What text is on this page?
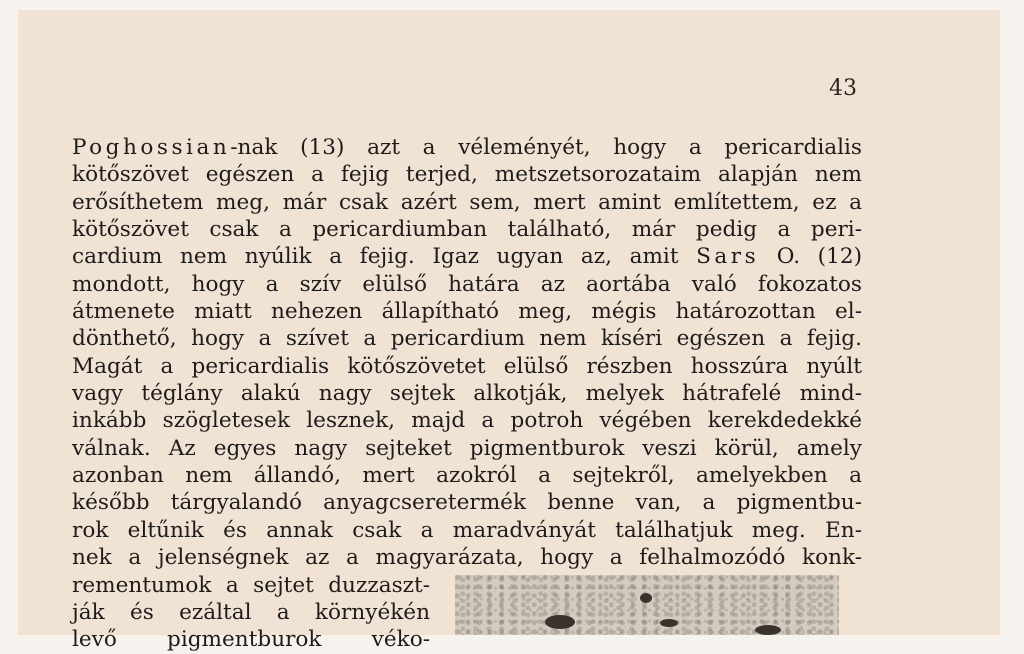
43
Poghossian-nak (13) azt a véleményét, hogy a pericardialis
kötőszövet egészen a fejig terjed, metszetsorozataim alapján nem
erősíthetem meg, már csak azért sem, mert amint említettem, ez a
kötőszövet csak a pericardiumban található, már pedig a peri-
cardium nem nyúlik a fejig. Igaz ugyan az, amit Sars O. (12)
mondott, hogy a szív elülső határa az aortába való fokozatos
átmenete miatt nehezen állapítható meg, mégis határozottan el-
dönthető, hogy a szívet a pericardium nem kíséri egészen a fejig.
Magát a pericardialis kötőszövetet elülső részben hosszúra nyúlt
vagy téglány alakú nagy sejtek alkotják, melyek hátrafelé mind-
inkább szögletesek lesznek, majd a potroh végében kerekdedekké
válnak. Az egyes nagy sejteket pigmentburok veszi körül, amely
azonban nem állandó, mert azokról a sejtekről, amelyekben a
később tárgyalandó anyagcseretermék benne van, a pigmentbu-
rok eltűnik és annak csak a maradványát találhatjuk meg. En-
nek a jelenségnek az a magyarázata, hogy a felhalmozódó konk-
rementumok a sejtet duzzaszt-
ják és ezáltal a környékén
levő pigmentburok véko-
